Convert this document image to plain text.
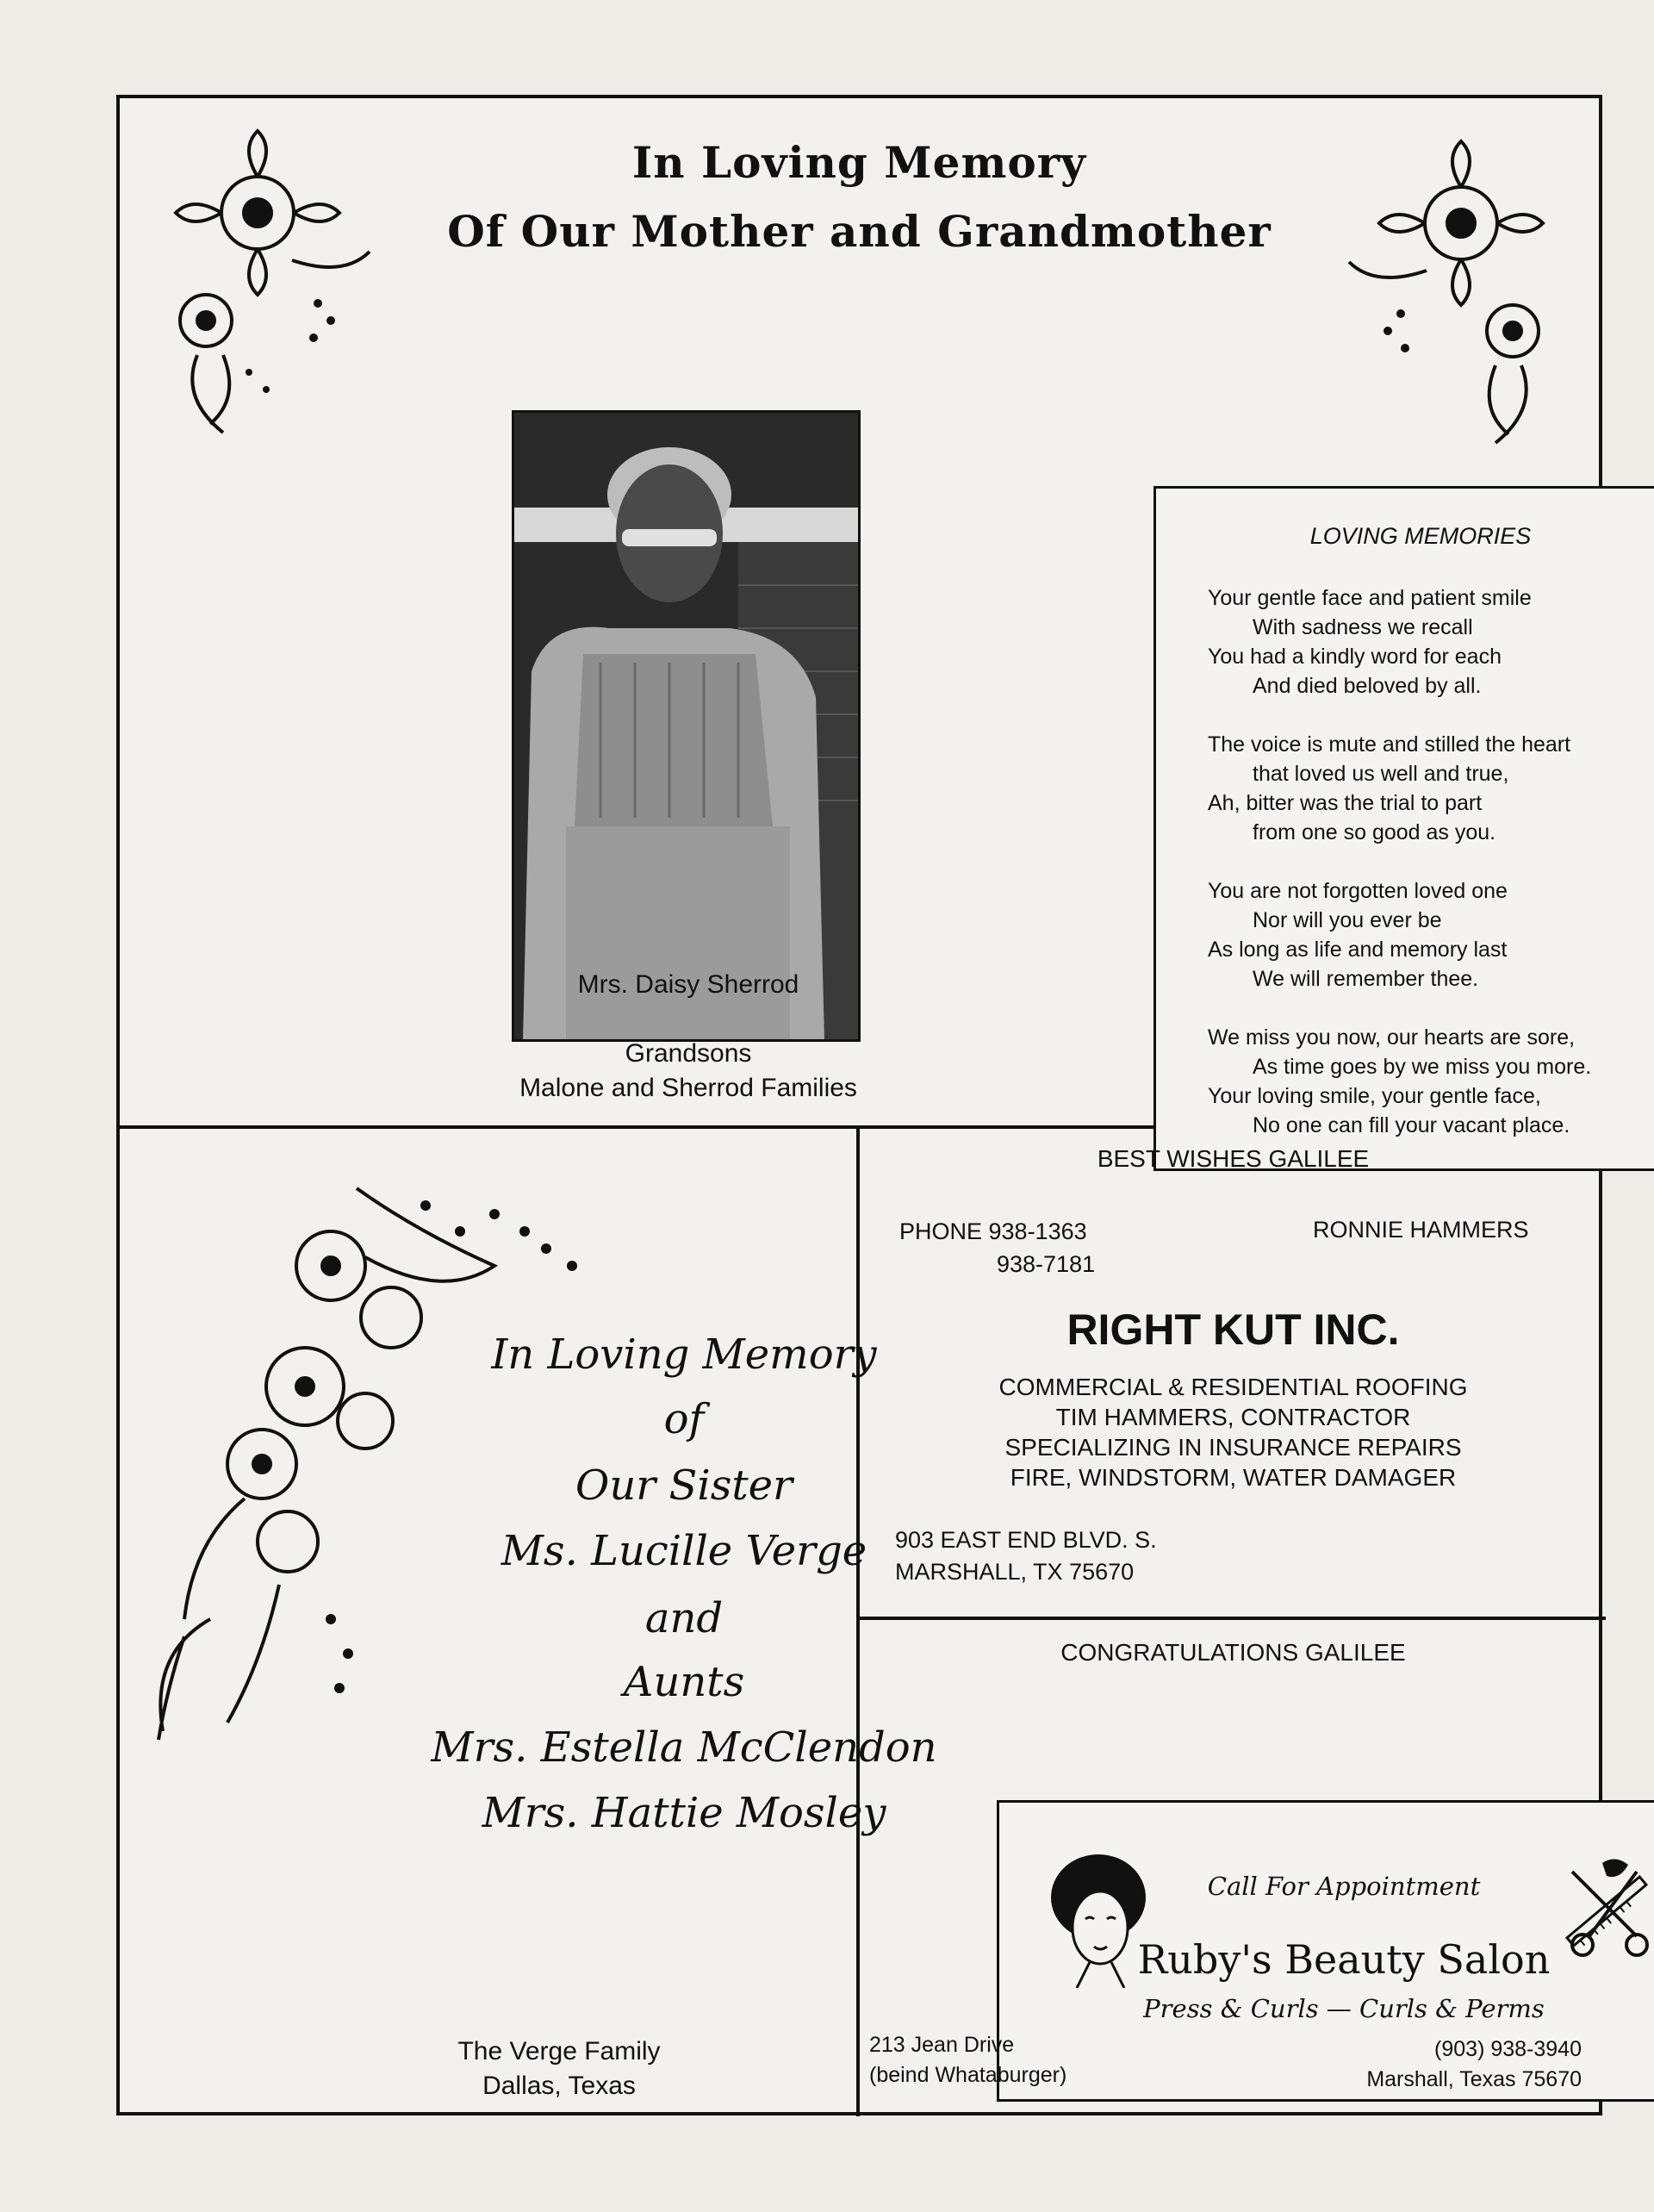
In Loving Memory
Of Our Mother and Grandmother
Mrs. Daisy Sherrod
Grandsons
Malone and Sherrod Families
LOVING MEMORIES
Your gentle face and patient smile
With sadness we recall
You had a kindly word for each
And died beloved by all.
The voice is mute and stilled the heart
that loved us well and true,
Ah, bitter was the trial to part
from one so good as you.
You are not forgotten loved one
Nor will you ever be
As long as life and memory last
We will remember thee.
We miss you now, our hearts are sore,
As time goes by we miss you more.
Your loving smile, your gentle face,
No one can fill your vacant place.
In Loving Memory
of
Our Sister
Ms. Lucille Verge
and
Aunts
Mrs. Estella McClendon
Mrs. Hattie Mosley
The Verge Family
Dallas, Texas
BEST WISHES GALILEE
PHONE 938-1363
938-7181
RONNIE HAMMERS
RIGHT KUT INC.
COMMERCIAL & RESIDENTIAL ROOFING
TIM HAMMERS, CONTRACTOR
SPECIALIZING IN INSURANCE REPAIRS
FIRE, WINDSTORM, WATER DAMAGER
903 EAST END BLVD. S.
MARSHALL, TX 75670
CONGRATULATIONS GALILEE
Call For Appointment
Ruby's Beauty Salon
Press & Curls — Curls & Perms
213 Jean Drive
(beind Whataburger)
(903) 938-3940
Marshall, Texas 75670
